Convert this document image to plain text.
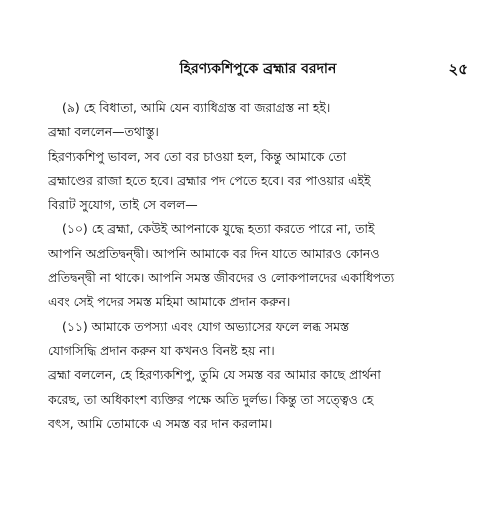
হিরণ্যকশিপুকে ব্রহ্মার বরদান	২৫
(৯) হে বিধাতা, আমি যেন ব্যাধিগ্রস্ত বা জরাগ্রস্ত না হই।
ব্রহ্মা বললেন—তথাস্তু।
হিরণ্যকশিপু ভাবল, সব তো বর চাওয়া হল, কিন্তু আমাকে তো
ব্রহ্মাণ্ডের রাজা হতে হবে। ব্রহ্মার পদ পেতে হবে। বর পাওয়ার এইই
বিরাট সুযোগ, তাই সে বলল—
(১০) হে ব্রহ্মা, কেউই আপনাকে যুদ্ধে হত্যা করতে পারে না, তাই
আপনি অপ্রতিদ্বন্দ্বী। আপনি আমাকে বর দিন যাতে আমারও কোনও
প্রতিদ্বন্দ্বী না থাকে। আপনি সমস্ত জীবদের ও লোকপালদের একাধিপত্য
এবং সেই পদের সমস্ত মহিমা আমাকে প্রদান করুন।
(১১) আমাকে তপস্যা এবং যোগ অভ্যাসের ফলে লব্ধ সমস্ত
যোগসিদ্ধি প্রদান করুন যা কখনও বিনষ্ট হয় না।
ব্রহ্মা বললেন, হে হিরণ্যকশিপু, তুমি যে সমস্ত বর আমার কাছে প্রার্থনা
করেছ, তা অধিকাংশ ব্যক্তির পক্ষে অতি দুর্লভ। কিন্তু তা সত্ত্বেও হে
বৎস, আমি তোমাকে এ সমস্ত বর দান করলাম।
